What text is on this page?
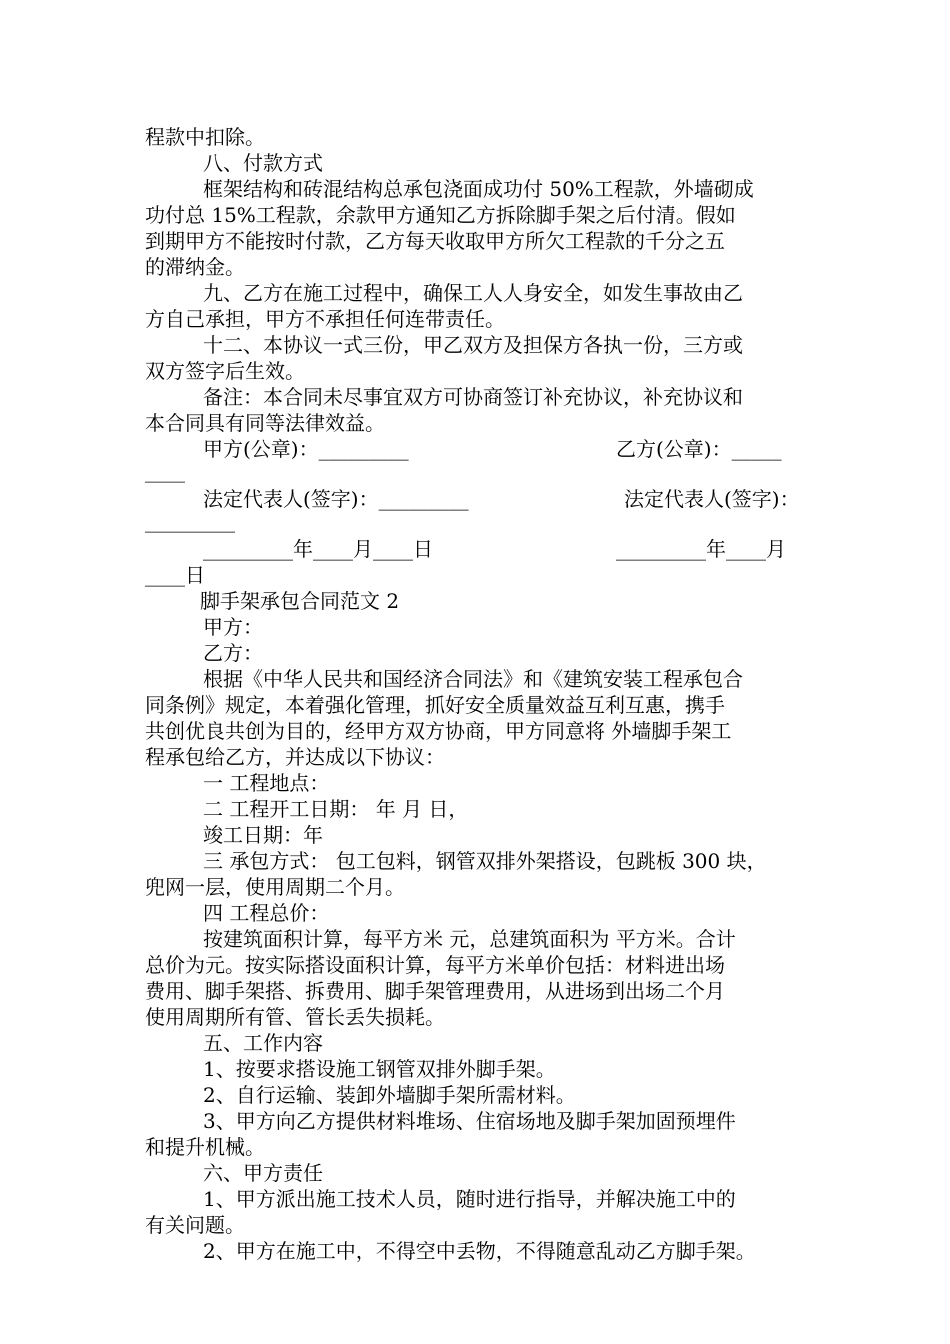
程款中扣除。
八、付款方式
框架结构和砖混结构总承包浇面成功付 50%工程款，外墙砌成
功付总 15%工程款，余款甲方通知乙方拆除脚手架之后付清。假如
到期甲方不能按时付款，乙方每天收取甲方所欠工程款的千分之五
的滞纳金。
九、乙方在施工过程中，确保工人人身安全，如发生事故由乙
方自己承担，甲方不承担任何连带责任。
十二、本协议一式三份，甲乙双方及担保方各执一份，三方或
双方签字后生效。
备注：本合同未尽事宜双方可协商签订补充协议，补充协议和
本合同具有同等法律效益。
甲方(公章)：_________	乙方(公章)：_____
____
法定代表人(签字)：_________	法定代表人(签字)：
_________
_________年____月____日	_________年____月
____日
脚手架承包合同范文 2
甲方：
乙方：
根据《中华人民共和国经济合同法》和《建筑安装工程承包合
同条例》规定，本着强化管理，抓好安全质量效益互利互惠，携手
共创优良共创为目的，经甲方双方协商，甲方同意将 外墙脚手架工
程承包给乙方，并达成以下协议：
一 工程地点：
二 工程开工日期： 年 月 日，
竣工日期：年
三 承包方式： 包工包料，钢管双排外架搭设，包跳板 300 块，
兜网一层，使用周期二个月。
四 工程总价：
按建筑面积计算，每平方米 元，总建筑面积为 平方米。合计
总价为元。按实际搭设面积计算，每平方米单价包括：材料进出场
费用、脚手架搭、拆费用、脚手架管理费用，从进场到出场二个月
使用周期所有管、管长丢失损耗。
五、工作内容
1、按要求搭设施工钢管双排外脚手架。
2、自行运输、装卸外墙脚手架所需材料。
3、甲方向乙方提供材料堆场、住宿场地及脚手架加固预埋件
和提升机械。
六、甲方责任
1、甲方派出施工技术人员，随时进行指导，并解决施工中的
有关问题。
2、甲方在施工中，不得空中丢物，不得随意乱动乙方脚手架。
